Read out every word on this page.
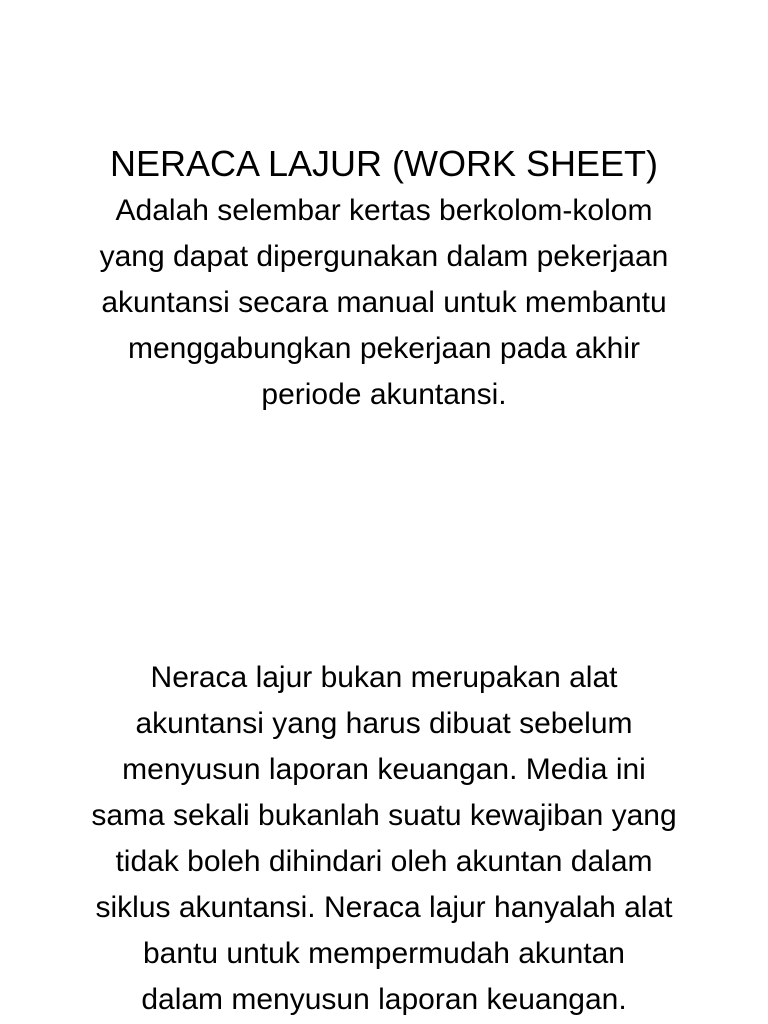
NERACA LAJUR (WORK SHEET)

Adalah selembar kertas berkolom-kolom
yang dapat dipergunakan dalam pekerjaan
akuntansi secara manual untuk membantu
menggabungkan pekerjaan pada akhir
periode akuntansi.

Neraca lajur bukan merupakan alat
akuntansi yang harus dibuat sebelum
menyusun laporan keuangan. Media ini
sama sekali bukanlah suatu kewajiban yang
tidak boleh dihindari oleh akuntan dalam
siklus akuntansi. Neraca lajur hanyalah alat
bantu untuk mempermudah akuntan
dalam menyusun laporan keuangan.
